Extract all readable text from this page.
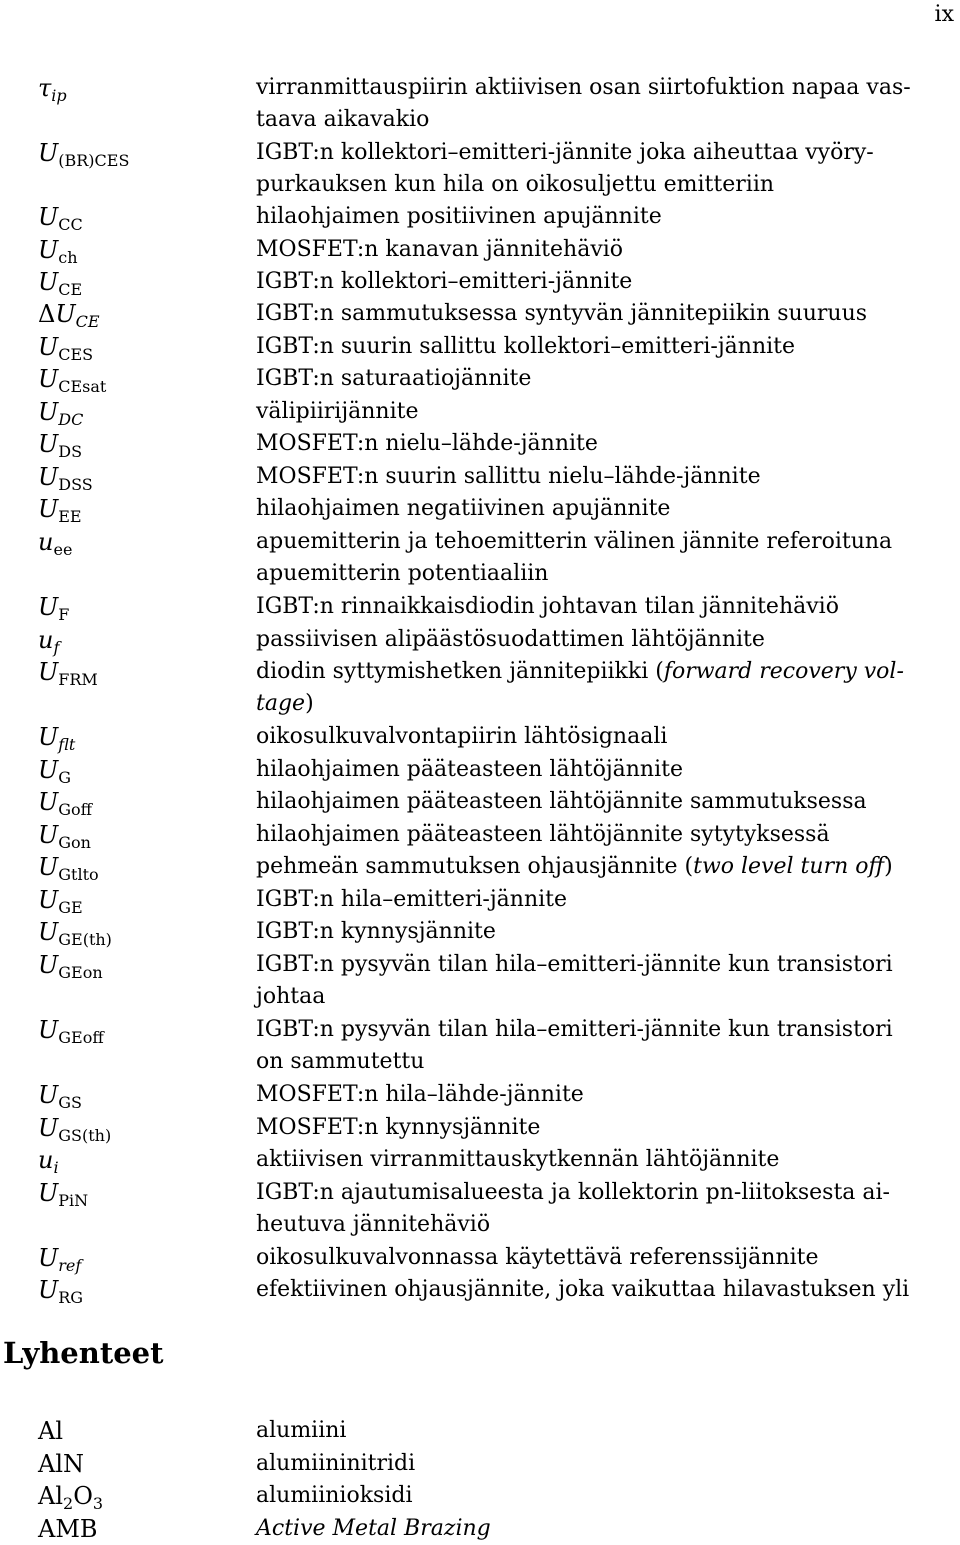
ix
$\tau_{ip}$	virranmittauspiirin aktiivisen osan siirtofuktion napaa vas-
taava aikavakio
$U_{(BR)CES}$	IGBT:n kollektori–emitteri-jännite joka aiheuttaa vyöry-
purkauksen kun hila on oikosuljettu emitteriin
$U_{CC}$	hilaohjaimen positiivinen apujännite
$U_{ch}$	MOSFET:n kanavan jännitehäviö
$U_{CE}$	IGBT:n kollektori–emitteri-jännite
$\Delta U_{CE}$	IGBT:n sammutuksessa syntyvän jännitepiikin suuruus
$U_{CES}$	IGBT:n suurin sallittu kollektori–emitteri-jännite
$U_{CEsat}$	IGBT:n saturaatiojännite
$U_{DC}$	välipiirijännite
$U_{DS}$	MOSFET:n nielu–lähde-jännite
$U_{DSS}$	MOSFET:n suurin sallittu nielu–lähde-jännite
$U_{EE}$	hilaohjaimen negatiivinen apujännite
$u_{ee}$	apuemitterin ja tehoemitterin välinen jännite referoituna
apuemitterin potentiaaliin
$U_F$	IGBT:n rinnaikkaisdiodin johtavan tilan jännitehäviö
$u_f$	passiivisen alipäästösuodattimen lähtöjännite
$U_{FRM}$	diodin syttymishetken jännitepiikki (forward recovery vol-
tage)
$U_{flt}$	oikosulkuvalvontapiirin lähtösignaali
$U_G$	hilaohjaimen pääteasteen lähtöjännite
$U_{Goff}$	hilaohjaimen pääteasteen lähtöjännite sammutuksessa
$U_{Gon}$	hilaohjaimen pääteasteen lähtöjännite sytytyksessä
$U_{Gtlto}$	pehmeän sammutuksen ohjausjännite (two level turn off)
$U_{GE}$	IGBT:n hila–emitteri-jännite
$U_{GE(th)}$	IGBT:n kynnysjännite
$U_{GEon}$	IGBT:n pysyvän tilan hila–emitteri-jännite kun transistori
johtaa
$U_{GEoff}$	IGBT:n pysyvän tilan hila–emitteri-jännite kun transistori
on sammutettu
$U_{GS}$	MOSFET:n hila–lähde-jännite
$U_{GS(th)}$	MOSFET:n kynnysjännite
$u_i$	aktiivisen virranmittauskytkennän lähtöjännite
$U_{PiN}$	IGBT:n ajautumisalueesta ja kollektorin pn-liitoksesta ai-
heutuva jännitehäviö
$U_{ref}$	oikosulkuvalvonnassa käytettävä referenssijännite
$U_{RG}$	efektiivinen ohjausjännite, joka vaikuttaa hilavastuksen yli
Lyhenteet
Al	alumiini
AlN	alumiininitridi
$Al_2O_3$	alumiinioksidi
AMB	Active Metal Brazing
